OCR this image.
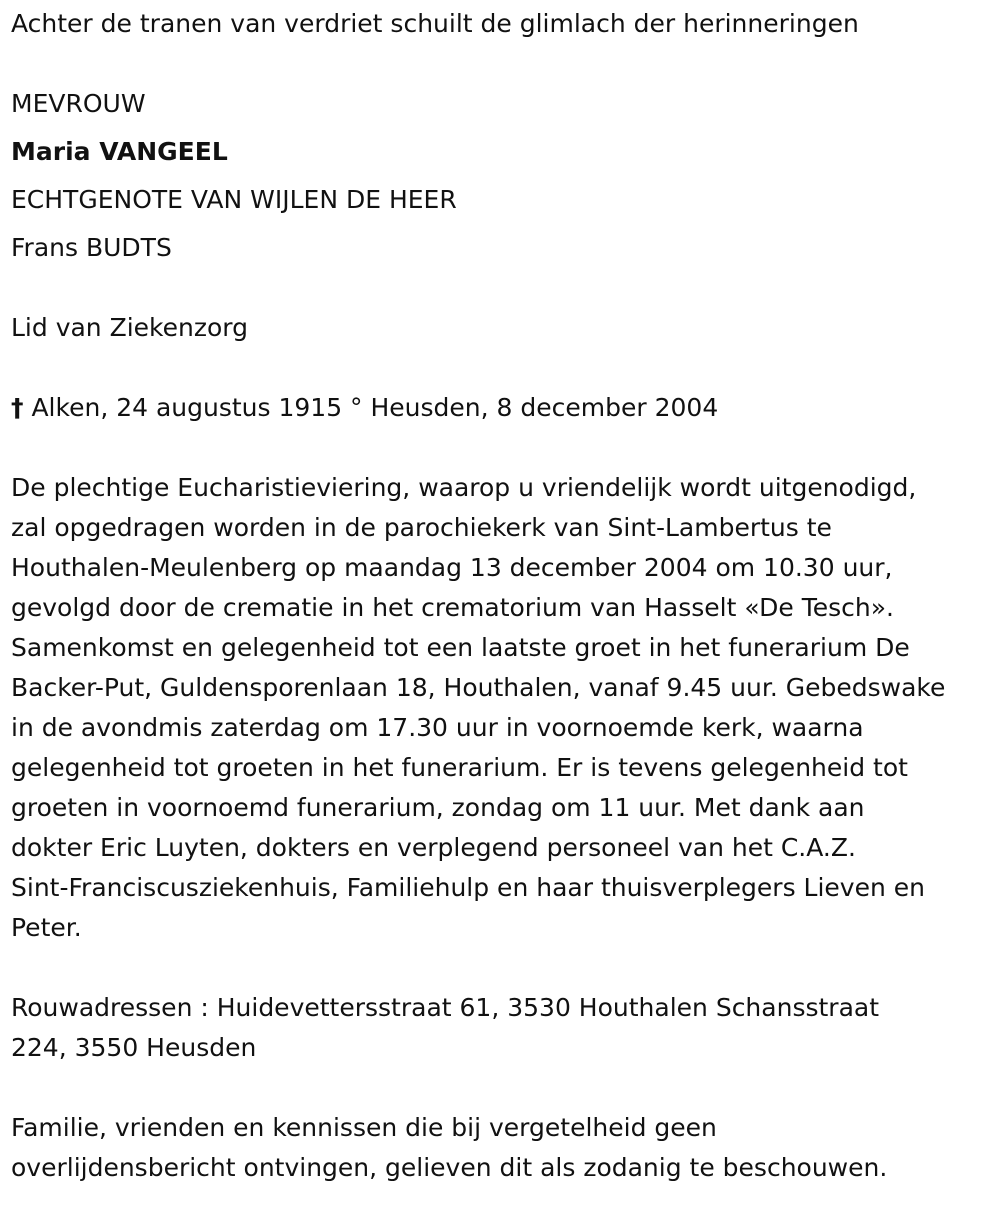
Achter de tranen van verdriet schuilt de glimlach der herinneringen
MEVROUW
Maria VANGEEL
ECHTGENOTE VAN WIJLEN DE HEER
Frans BUDTS
Lid van Ziekenzorg
† Alken, 24 augustus 1915 ° Heusden, 8 december 2004
De plechtige Eucharistieviering, waarop u vriendelijk wordt uitgenodigd,
zal opgedragen worden in de parochiekerk van Sint-Lambertus te
Houthalen-Meulenberg op maandag 13 december 2004 om 10.30 uur,
gevolgd door de crematie in het crematorium van Hasselt «De Tesch».
Samenkomst en gelegenheid tot een laatste groet in het funerarium De
Backer-Put, Guldensporenlaan 18, Houthalen, vanaf 9.45 uur. Gebedswake
in de avondmis zaterdag om 17.30 uur in voornoemde kerk, waarna
gelegenheid tot groeten in het funerarium. Er is tevens gelegenheid tot
groeten in voornoemd funerarium, zondag om 11 uur. Met dank aan
dokter Eric Luyten, dokters en verplegend personeel van het C.A.Z.
Sint-Franciscusziekenhuis, Familiehulp en haar thuisverplegers Lieven en
Peter.
Rouwadressen : Huidevettersstraat 61, 3530 Houthalen Schansstraat
224, 3550 Heusden
Familie, vrienden en kennissen die bij vergetelheid geen
overlijdensbericht ontvingen, gelieven dit als zodanig te beschouwen.
